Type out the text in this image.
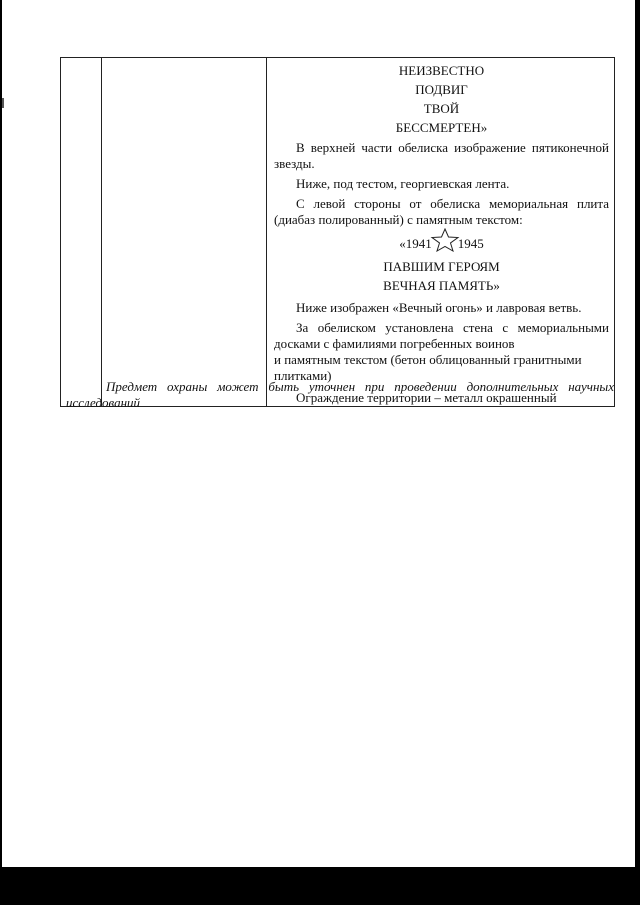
НЕИЗВЕСТНО

ПОДВИГ

ТВОЙ

БЕССМЕРТЕН»

В верхней части обелиска изображение пятиконечной звезды.

Ниже, под тестом, георгиевская лента.

С левой стороны от обелиска мемориальная плита (диабаз полированный) с памятным текстом:

«1941 1945

ПАВШИМ ГЕРОЯМ

ВЕЧНАЯ ПАМЯТЬ»

Ниже изображен «Вечный огонь» и лавровая ветвь.

За обелиском установлена стена с мемориальными досками с фамилиями погребенных воинов

и памятным текстом (бетон облицованный гранитными плитками)

Ограждение территории – металл окрашенный

Предмет охраны может быть уточнен при проведении дополнительных научных исследований
